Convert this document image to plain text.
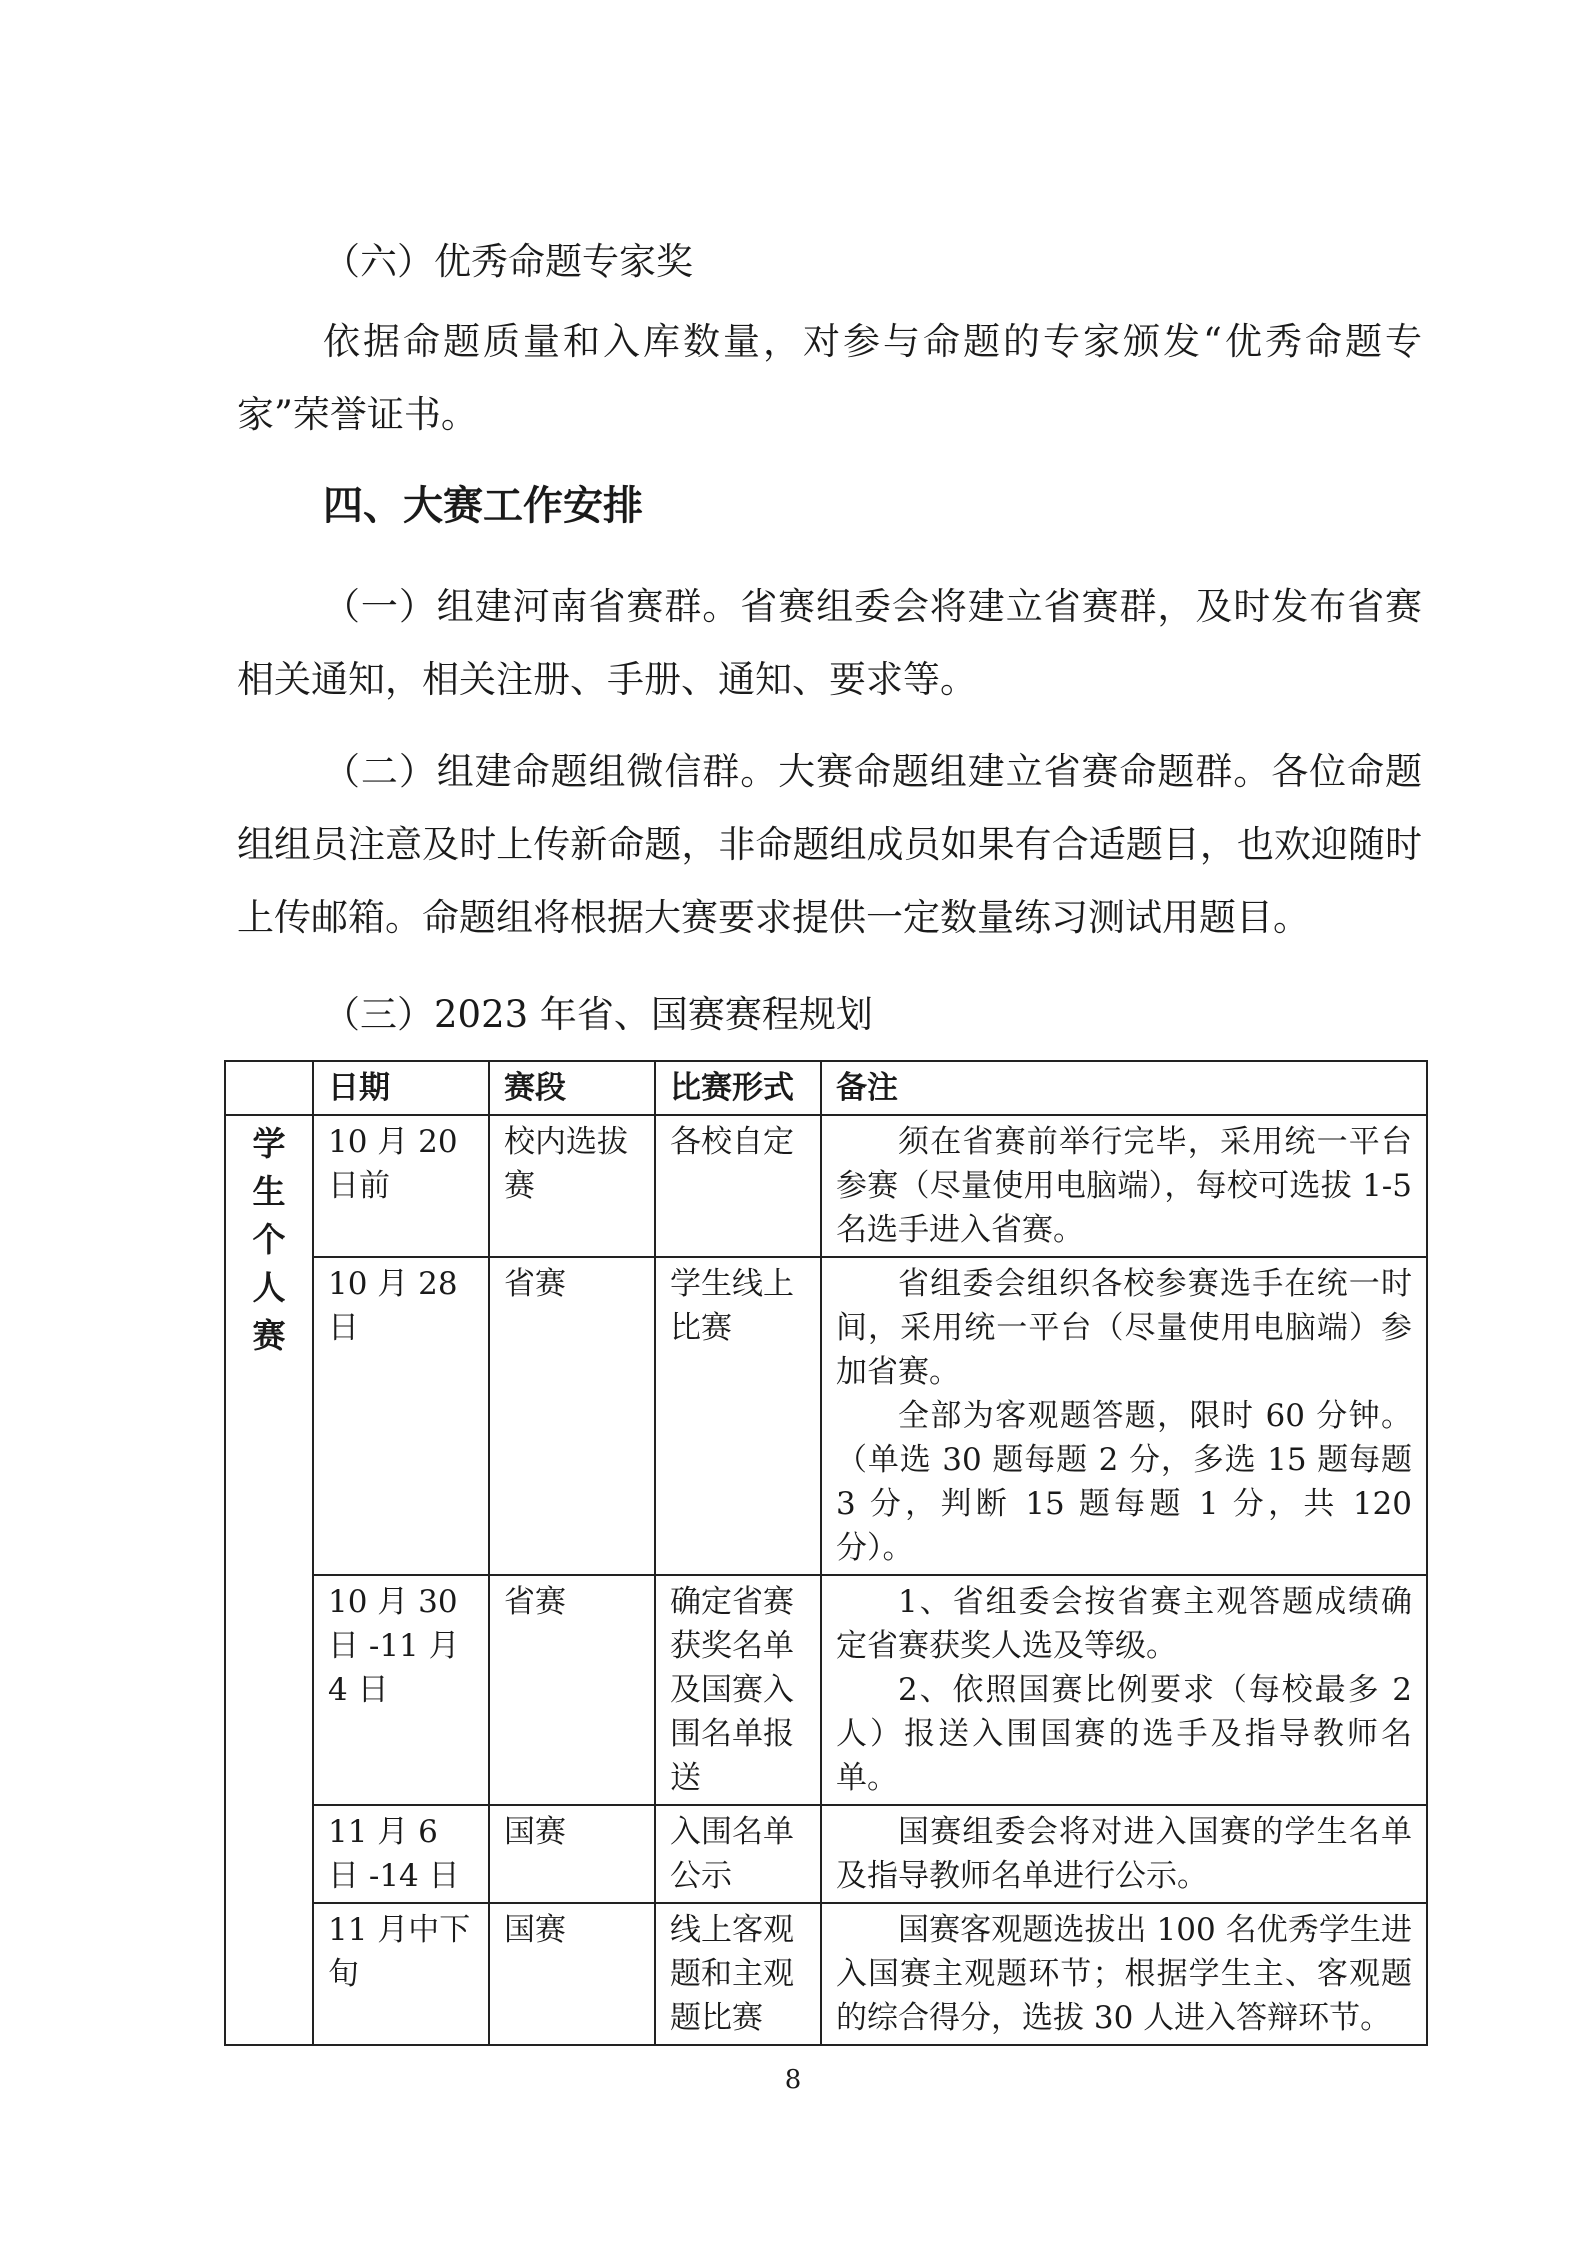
（六）优秀命题专家奖

依据命题质量和入库数量，对参与命题的专家颁发“优秀命题专家”荣誉证书。

四、大赛工作安排

（一）组建河南省赛群。省赛组委会将建立省赛群，及时发布省赛相关通知，相关注册、手册、通知、要求等。

（二）组建命题组微信群。大赛命题组建立省赛命题群。各位命题组组员注意及时上传新命题，非命题组成员如果有合适题目，也欢迎随时上传邮箱。命题组将根据大赛要求提供一定数量练习测试用题目。

（三）2023 年省、国赛赛程规划

	日期	赛段	比赛形式	备注
学生个人赛	10 月 20 日前	校内选拔赛	各校自定	须在省赛前举行完毕，采用统一平台参赛（尽量使用电脑端），每校可选拔 1-5 名选手进入省赛。

	10 月 28 日	省赛	学生线上比赛	省组委会组织各校参赛选手在统一时间，采用统一平台（尽量使用电脑端）参加省赛。

全部为客观题答题，限时 60 分钟。（单选 30 题每题 2 分，多选 15 题每题 3 分，判断 15 题每题 1 分，共 120 分）。

	10 月 30 日 -11 月 4 日	省赛	确定省赛获奖名单及国赛入围名单报送	1、省组委会按省赛主观答题成绩确定省赛获奖人选及等级。

2、依照国赛比例要求（每校最多 2 人）报送入围国赛的选手及指导教师名单。

	11 月 6 日 -14 日	国赛	入围名单公示	国赛组委会将对进入国赛的学生名单及指导教师名单进行公示。

	11 月中下旬	国赛	线上客观题和主观题比赛	国赛客观题选拔出 100 名优秀学生进入国赛主观题环节；根据学生主、客观题的综合得分，选拔 30 人进入答辩环节。

8
